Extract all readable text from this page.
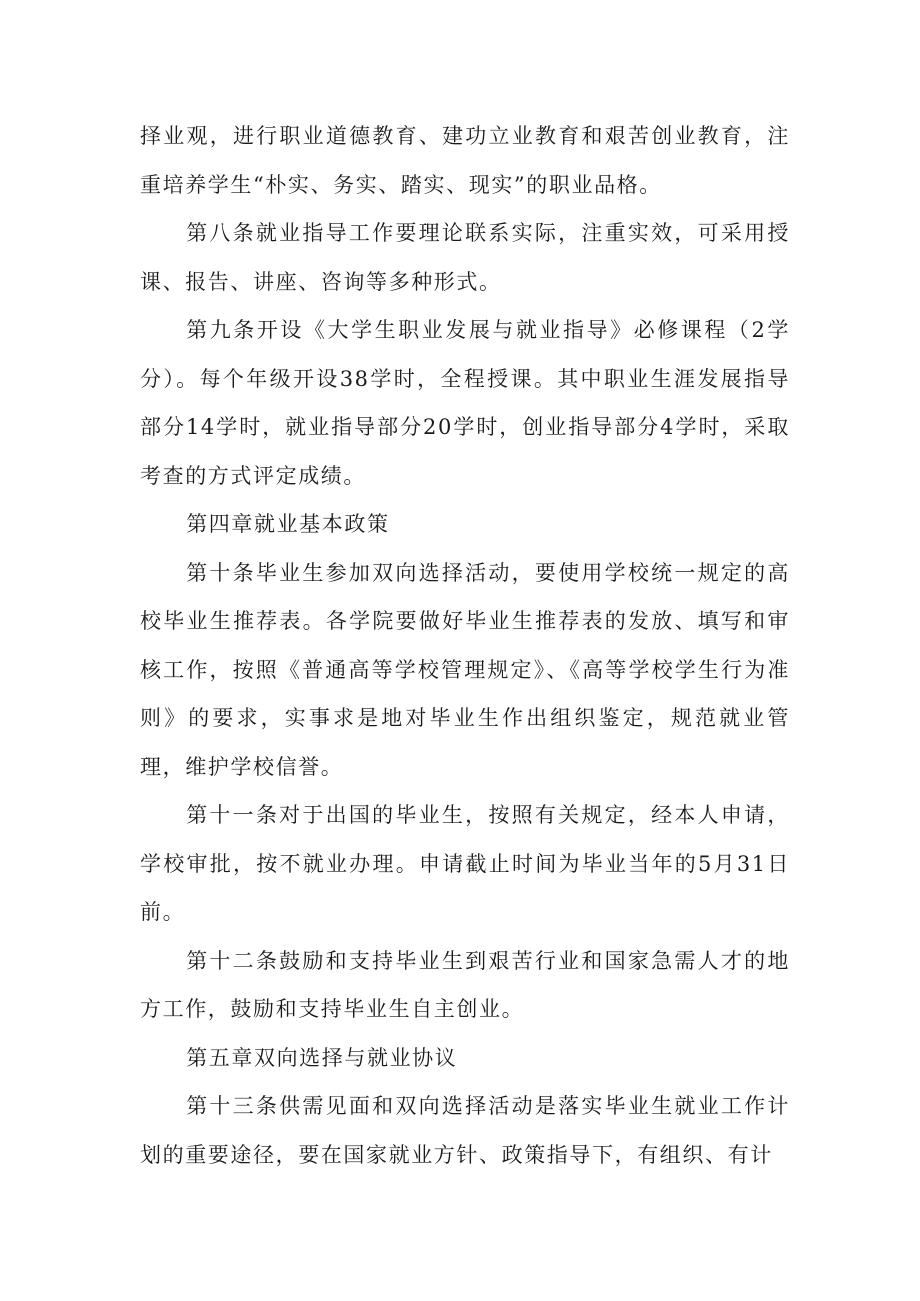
择业观，进行职业道德教育、建功立业教育和艰苦创业教育，注重培养学生“朴实、务实、踏实、现实”的职业品格。

第八条就业指导工作要理论联系实际，注重实效，可采用授课、报告、讲座、咨询等多种形式。

第九条开设《大学生职业发展与就业指导》必修课程（2学分）。每个年级开设38学时，全程授课。其中职业生涯发展指导部分14学时，就业指导部分20学时，创业指导部分4学时，采取考查的方式评定成绩。

第四章就业基本政策

第十条毕业生参加双向选择活动，要使用学校统一规定的高校毕业生推荐表。各学院要做好毕业生推荐表的发放、填写和审核工作，按照《普通高等学校管理规定》、《高等学校学生行为准则》的要求，实事求是地对毕业生作出组织鉴定，规范就业管理，维护学校信誉。

第十一条对于出国的毕业生，按照有关规定，经本人申请，学校审批，按不就业办理。申请截止时间为毕业当年的5月31日前。

第十二条鼓励和支持毕业生到艰苦行业和国家急需人才的地方工作，鼓励和支持毕业生自主创业。

第五章双向选择与就业协议

第十三条供需见面和双向选择活动是落实毕业生就业工作计划的重要途径，要在国家就业方针、政策指导下，有组织、有计
